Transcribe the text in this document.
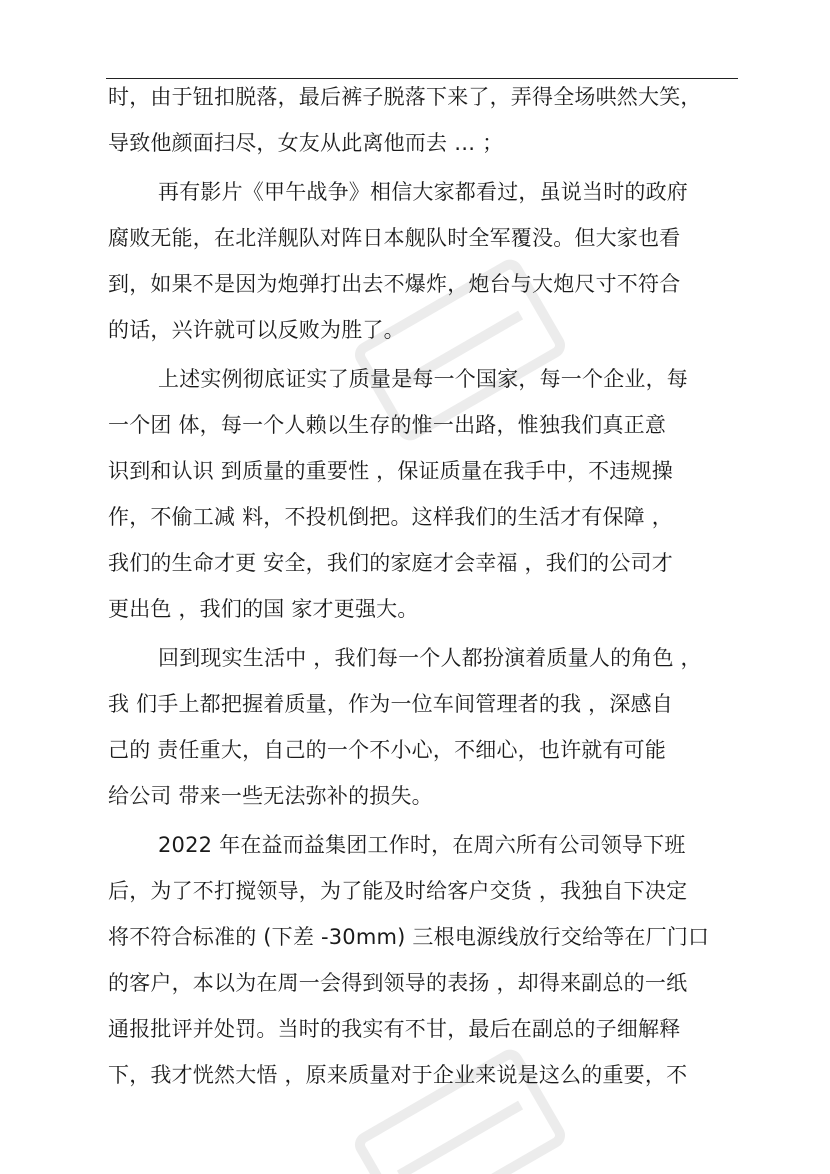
时，由于钮扣脱落，最后裤子脱落下来了，弄得全场哄然大笑，
导致他颜面扫尽，女友从此离他而去 … ；
再有影片《甲午战争》相信大家都看过，虽说当时的政府
腐败无能，在北洋舰队对阵日本舰队时全军覆没。但大家也看
到，如果不是因为炮弹打出去不爆炸，炮台与大炮尺寸不符合
的话，兴许就可以反败为胜了。
上述实例彻底证实了质量是每一个国家，每一个企业，每
一个团 体，每一个人赖以生存的惟一出路，惟独我们真正意
识到和认识 到质量的重要性 ，保证质量在我手中，不违规操
作，不偷工减 料，不投机倒把。这样我们的生活才有保障 ，
我们的生命才更 安全，我们的家庭才会幸福 ，我们的公司才
更出色 ，我们的国 家才更强大。
回到现实生活中 ，我们每一个人都扮演着质量人的角色 ，
我 们手上都把握着质量，作为一位车间管理者的我 ，深感自
己的 责任重大，自己的一个不小心，不细心，也许就有可能
给公司 带来一些无法弥补的损失。
2022 年在益而益集团工作时，在周六所有公司领导下班
后，为了不打搅领导，为了能及时给客户交货 ，我独自下决定
将不符合标准的 (下差 -30mm) 三根电源线放行交给等在厂门口
的客户，本以为在周一会得到领导的表扬 ，却得来副总的一纸
通报批评并处罚。当时的我实有不甘，最后在副总的子细解释
下，我才恍然大悟 ，原来质量对于企业来说是这么的重要，不
